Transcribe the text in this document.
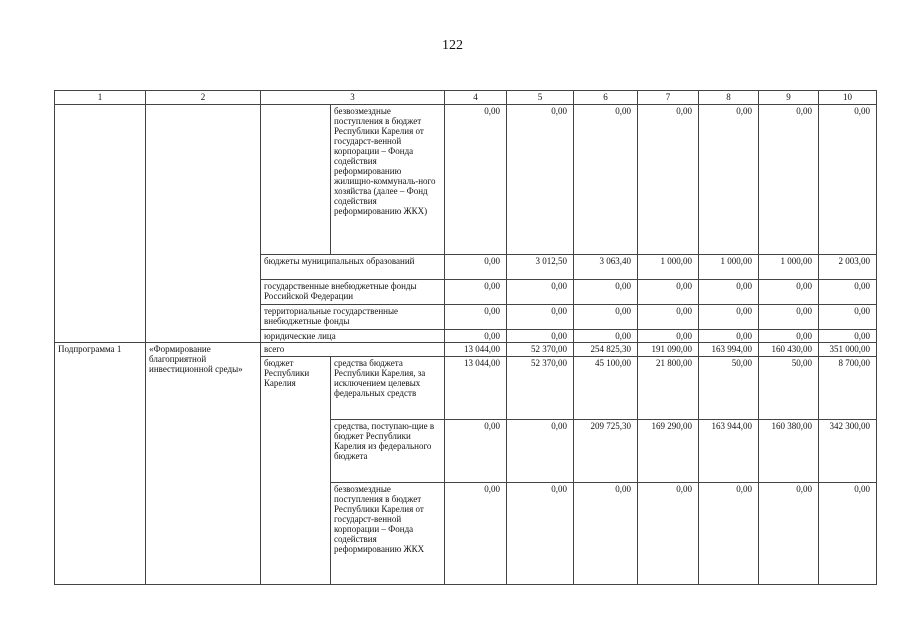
122
1	2	3		4	5	6	7	8	9	10
			безвозмездные поступления в бюджет Республики Карелия от государст-венной корпорации – Фонда содействия реформированию жилищно-коммуналь-ного хозяйства (далее – Фонд содействия реформированию ЖКХ)	0,00	0,00	0,00	0,00	0,00	0,00	0,00
		бюджеты муниципальных образований		0,00	3 012,50	3 063,40	1 000,00	1 000,00	1 000,00	2 003,00
		государственные внебюджетные фонды Российской Федерации		0,00	0,00	0,00	0,00	0,00	0,00	0,00
		территориальные государственные внебюджетные фонды		0,00	0,00	0,00	0,00	0,00	0,00	0,00
		юридические лица		0,00	0,00	0,00	0,00	0,00	0,00	0,00

Подпрограмма 1	«Формирование благоприятной инвестиционной среды»	всего		13 044,00	52 370,00	254 825,30	191 090,00	163 994,00	160 430,00	351 000,00
		бюджет Республики Карелия	средства бюджета Республики Карелия, за исключением целевых федеральных средств	13 044,00	52 370,00	45 100,00	21 800,00	50,00	50,00	8 700,00
			средства, поступаю-щие в бюджет Республики Карелия из федерального бюджета	0,00	0,00	209 725,30	169 290,00	163 944,00	160 380,00	342 300,00
			безвозмездные поступления в бюджет Республики Карелия от государст-венной корпорации – Фонда содействия реформированию ЖКХ	0,00	0,00	0,00	0,00	0,00	0,00	0,00
